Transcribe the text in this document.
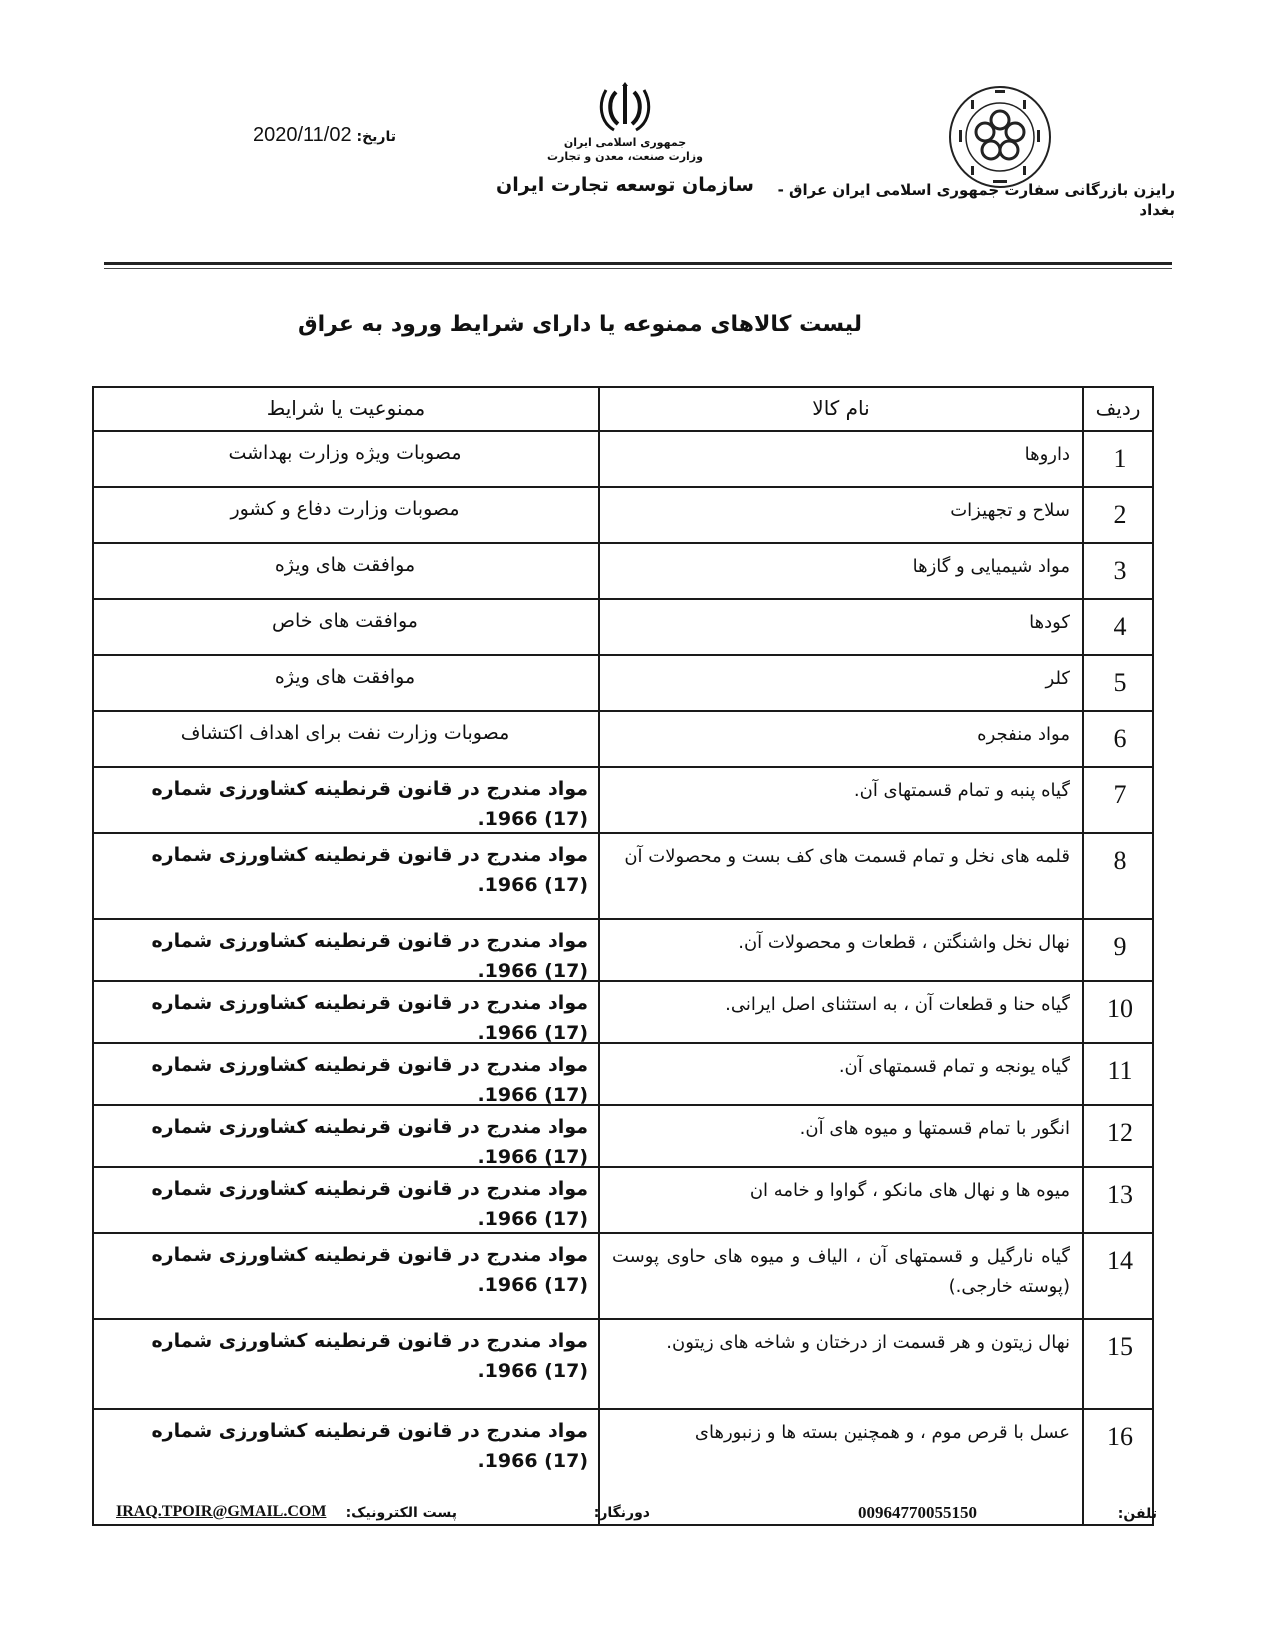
رایزن بازرگانی سفارت جمهوری اسلامی ایران عراق -
بغداد
جمهوری اسلامی ایران
وزارت صنعت، معدن و تجارت
سازمان توسعه تجارت ایران
تاریخ: 2020/11/02
لیست کالاهای ممنوعه یا دارای شرایط ورود به عراق
ردیف
نام کالا
ممنوعیت یا شرایط
1
داروها
مصوبات ویژه وزارت بهداشت
2
سلاح و تجهیزات
مصوبات وزارت دفاع و کشور
3
مواد شیمیایی و گازها
موافقت های ویژه
4
کودها
موافقت های خاص
5
کلر
موافقت های ویژه
6
مواد منفجره
مصوبات وزارت نفت برای اهداف اکتشاف
7
گیاه پنبه و تمام قسمتهای آن.
مواد مندرج در قانون قرنطینه کشاورزی شماره (17) 1966.
8
قلمه های نخل و تمام قسمت های کف بست و محصولات آن
مواد مندرج در قانون قرنطینه کشاورزی شماره (17) 1966.
9
نهال نخل واشنگتن ، قطعات و محصولات آن.
مواد مندرج در قانون قرنطینه کشاورزی شماره (17) 1966.
10
گیاه حنا و قطعات آن ، به استثنای اصل ایرانی.
مواد مندرج در قانون قرنطینه کشاورزی شماره (17) 1966.
11
گیاه یونجه و تمام قسمتهای آن.
مواد مندرج در قانون قرنطینه کشاورزی شماره (17) 1966.
12
انگور با تمام قسمتها و میوه های آن.
مواد مندرج در قانون قرنطینه کشاورزی شماره (17) 1966.
13
میوه ها و نهال های مانکو ، گواوا و خامه ان
مواد مندرج در قانون قرنطینه کشاورزی شماره (17) 1966.
14
گیاه نارگیل و قسمتهای آن ، الیاف و میوه های حاوی پوست (پوسته خارجی.)
مواد مندرج در قانون قرنطینه کشاورزی شماره (17) 1966.
15
نهال زیتون و هر قسمت از درختان و شاخه های زیتون.
مواد مندرج در قانون قرنطینه کشاورزی شماره (17) 1966.
16
عسل با قرص موم ، و همچنین بسته ها و زنبورهای
مواد مندرج در قانون قرنطینه کشاورزی شماره (17) 1966.
تلفن:
00964770055150
دورنگار:
پست الکترونیک:
IRAQ.TPOIR@GMAIL.COM
